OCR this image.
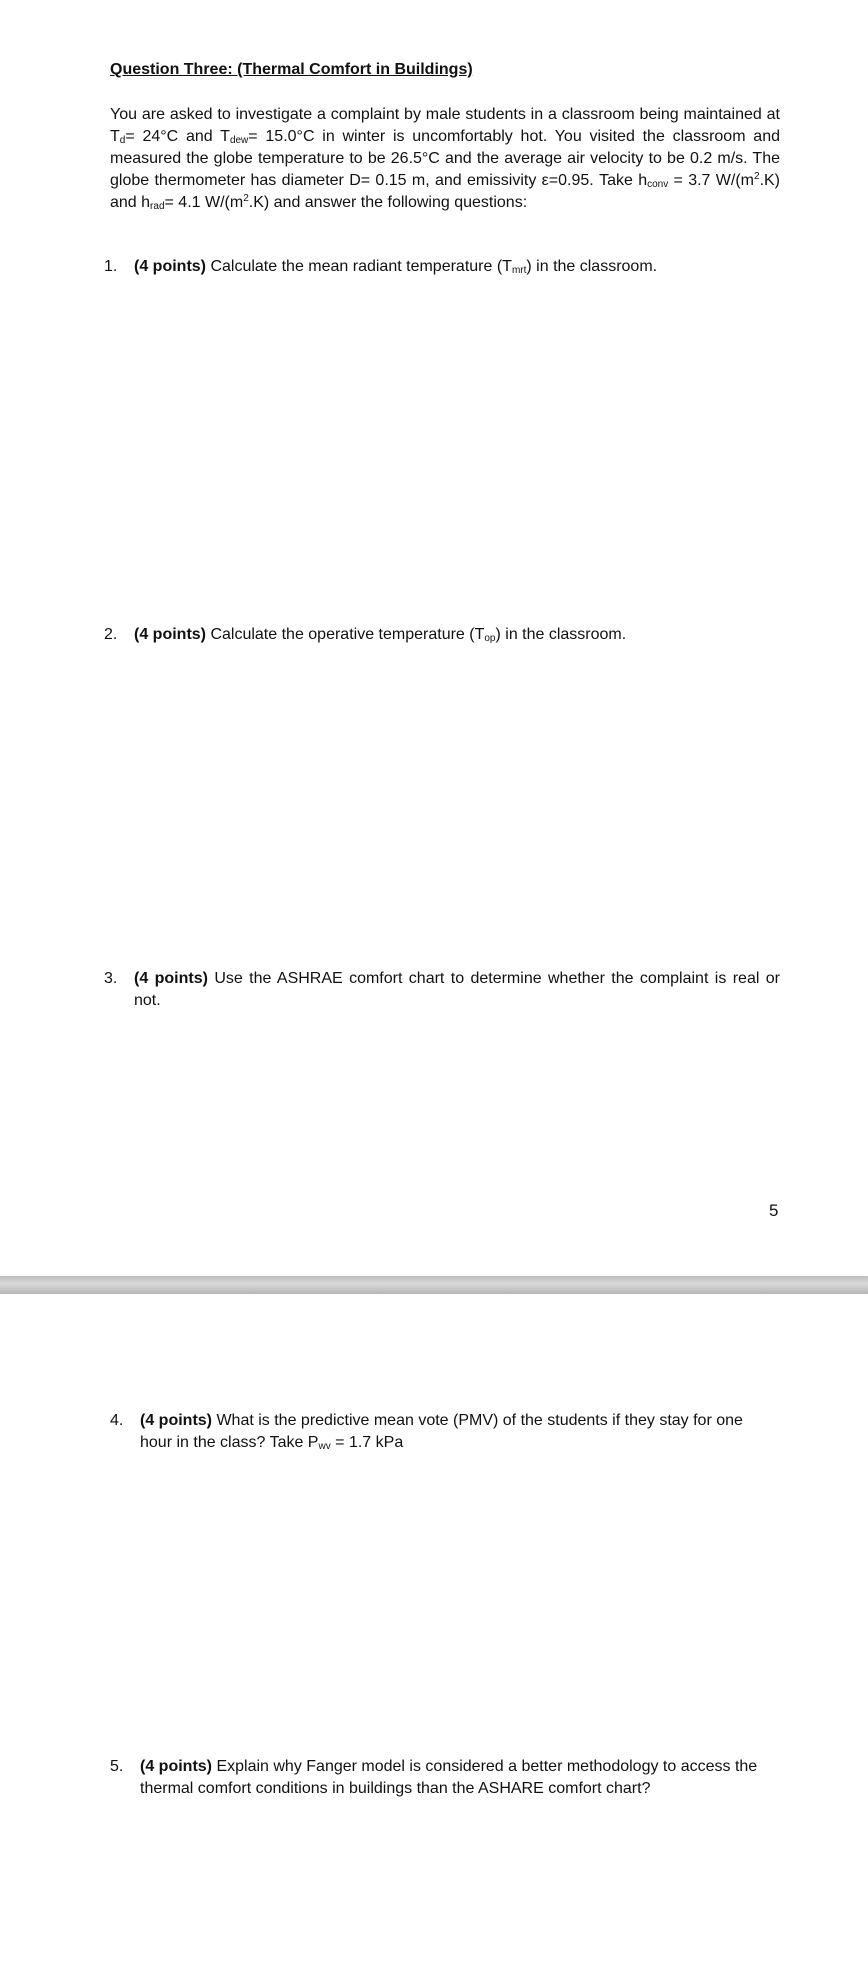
Question Three: (Thermal Comfort in Buildings)
You are asked to investigate a complaint by male students in a classroom being maintained at $T_d= 24^\circ C$ and $T_{dew}= 15.0^\circ C$ in winter is uncomfortably hot. You visited the classroom and measured the globe temperature to be 26.5°C and the average air velocity to be 0.2 m/s. The globe thermometer has diameter D= 0.15 m, and emissivity ε=0.95. Take $h_{conv} = 3.7$ $W/(m^2.K)$ and $h_{rad}= 4.1$ $W/(m^2.K)$ and answer the following questions:
1. (4 points) Calculate the mean radiant temperature $(T_{mrt})$ in the classroom.
2. (4 points) Calculate the operative temperature $(T_{op})$ in the classroom.
3. (4 points) Use the ASHRAE comfort chart to determine whether the complaint is real or not.
5
4. (4 points) What is the predictive mean vote (PMV) of the students if they stay for one hour in the class? Take $P_{wv} = 1.7$ kPa
5. (4 points) Explain why Fanger model is considered a better methodology to access the thermal comfort conditions in buildings than the ASHARE comfort chart?
